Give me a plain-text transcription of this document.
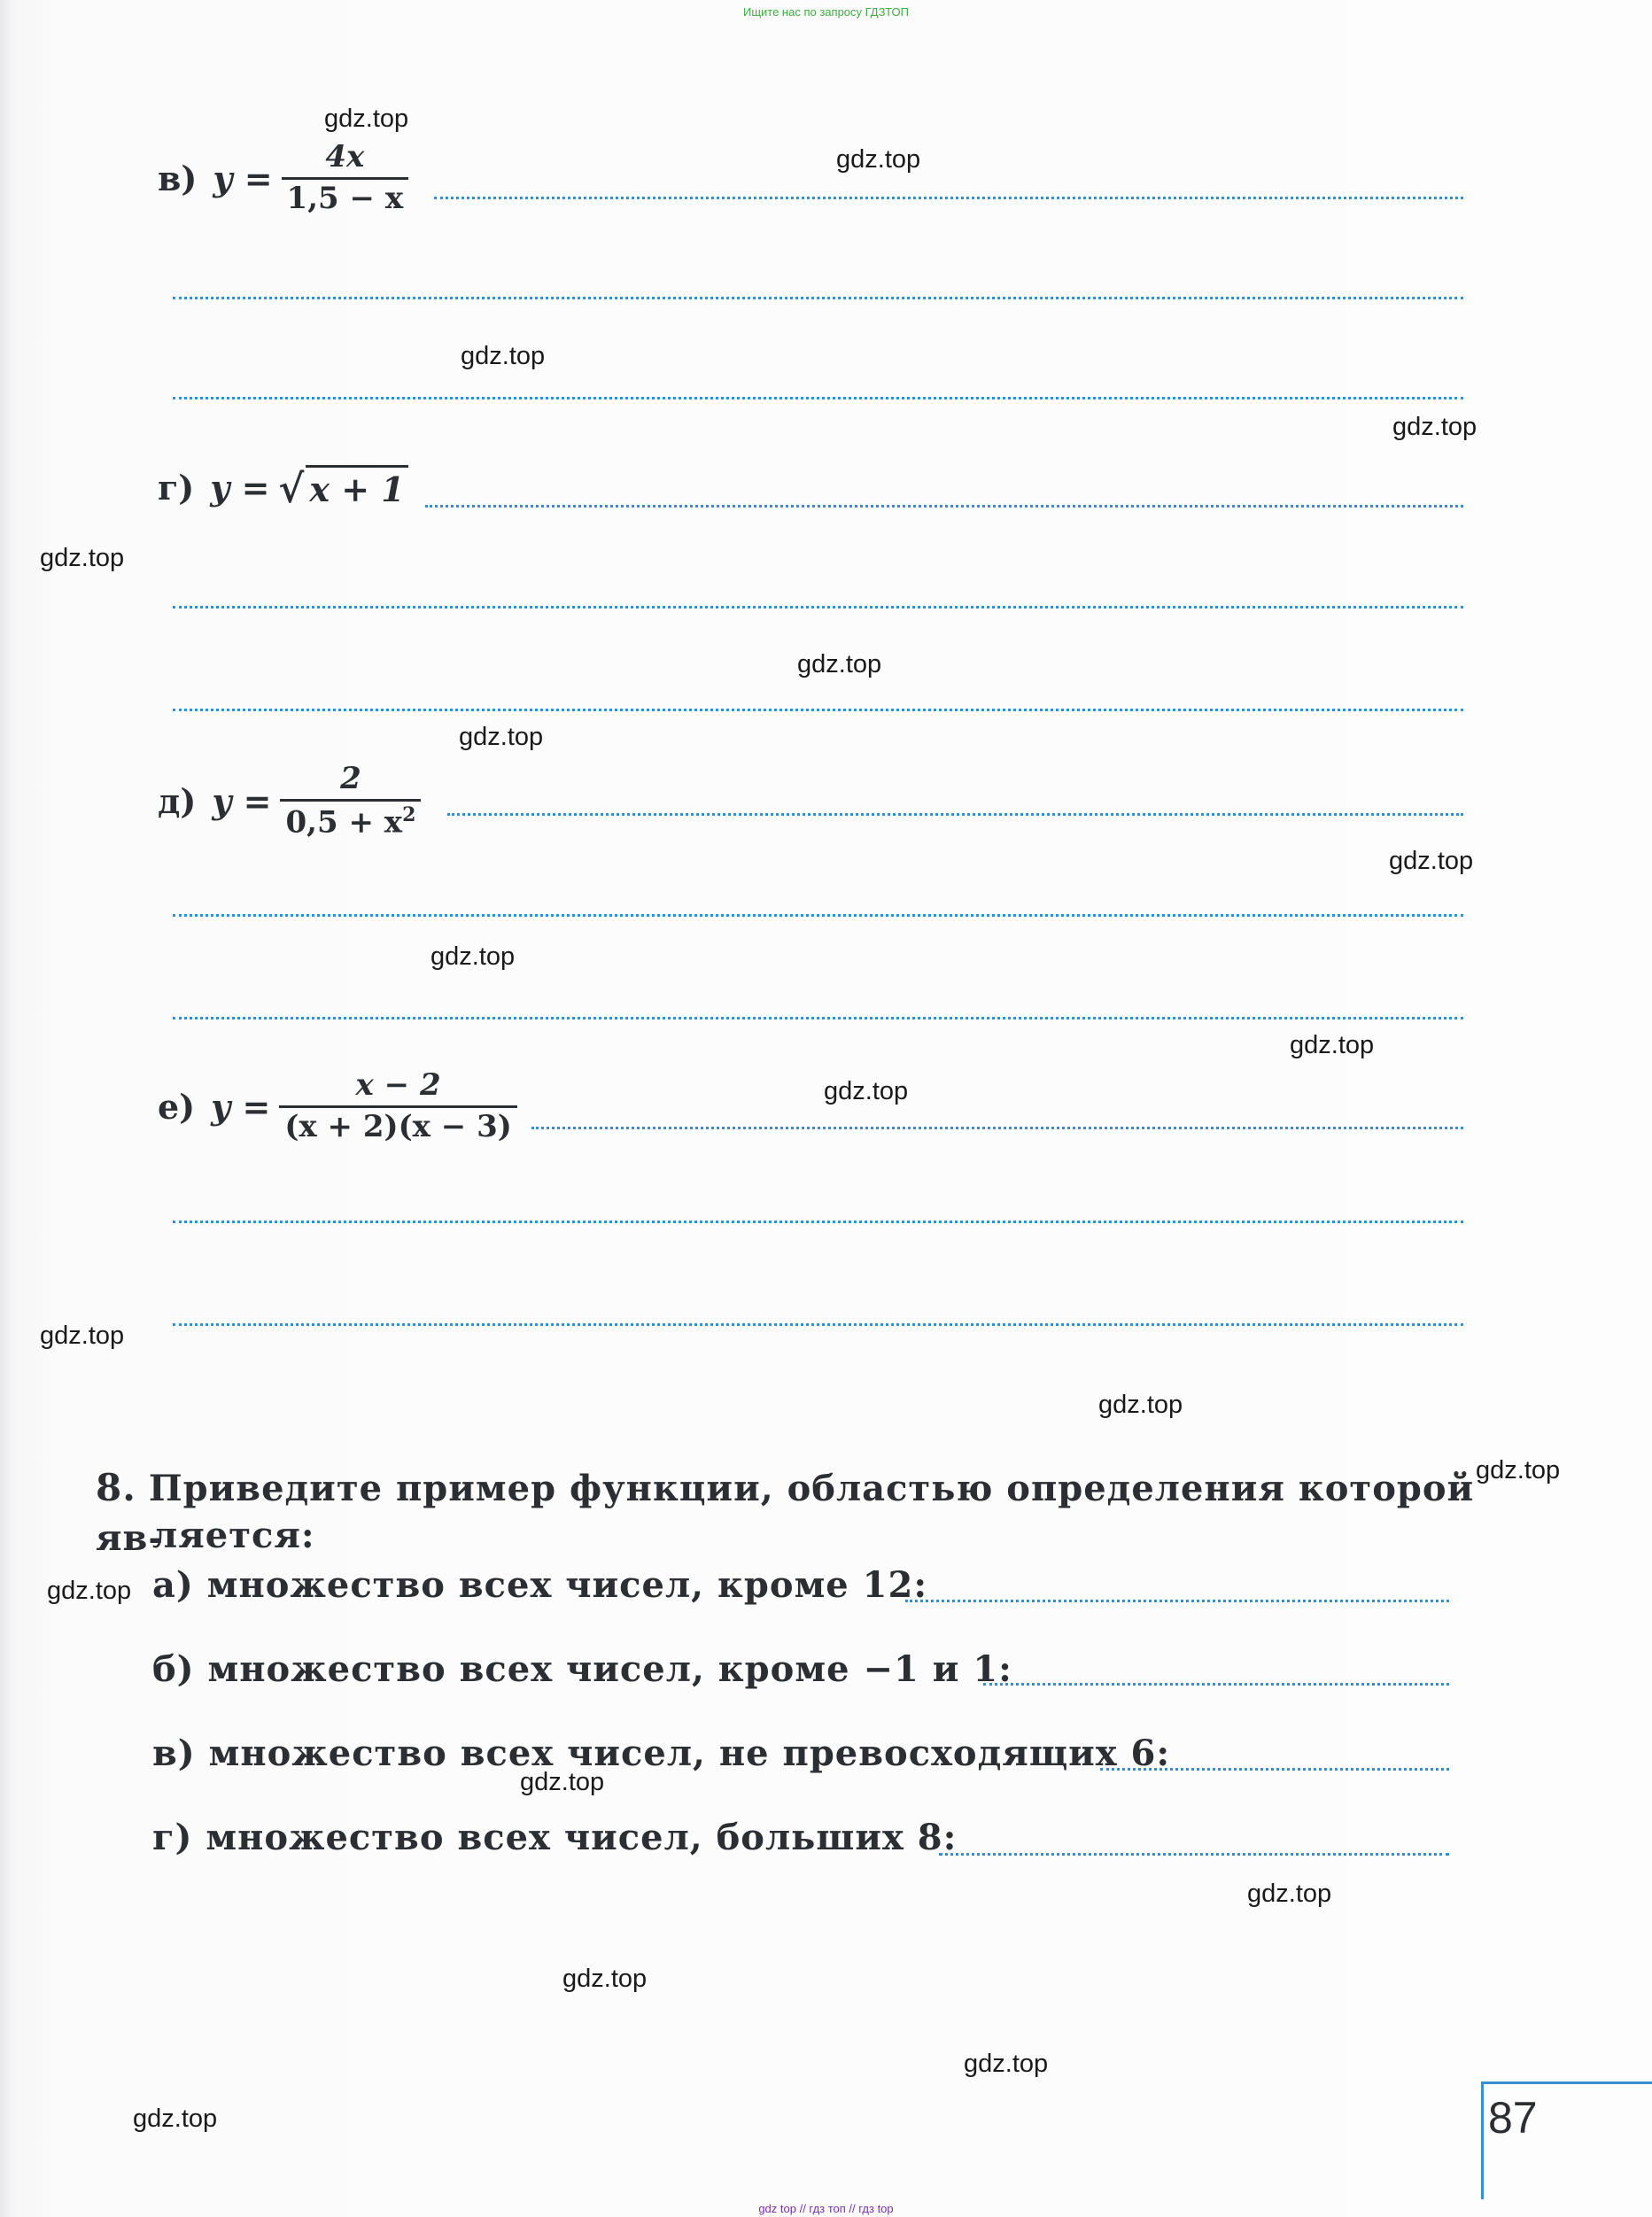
Ищите нас по запросу ГДЗТОП
в) $y = \frac{4x}{1,5 - x}$
г) y = √ x + 1
д) $y = \frac{2}{0,5 + x^2}$
е) $y = \frac{x - 2}{(x + 2)(x - 3)}$
8. Приведите пример функции, областью определения которой яв-
ляется:
а) множество всех чисел, кроме 12:
б) множество всех чисел, кроме −1 и 1:
в) множество всех чисел, не превосходящих 6:
г) множество всех чисел, больших 8:
gdz.top
gdz.top
gdz.top
gdz.top
gdz.top
gdz.top
gdz.top
gdz.top
gdz.top
gdz.top
gdz.top
gdz.top
gdz.top
gdz.top
gdz.top
gdz.top
gdz.top
gdz.top
gdz.top
gdz.top	87
gdz top // гдз топ // гдз top
